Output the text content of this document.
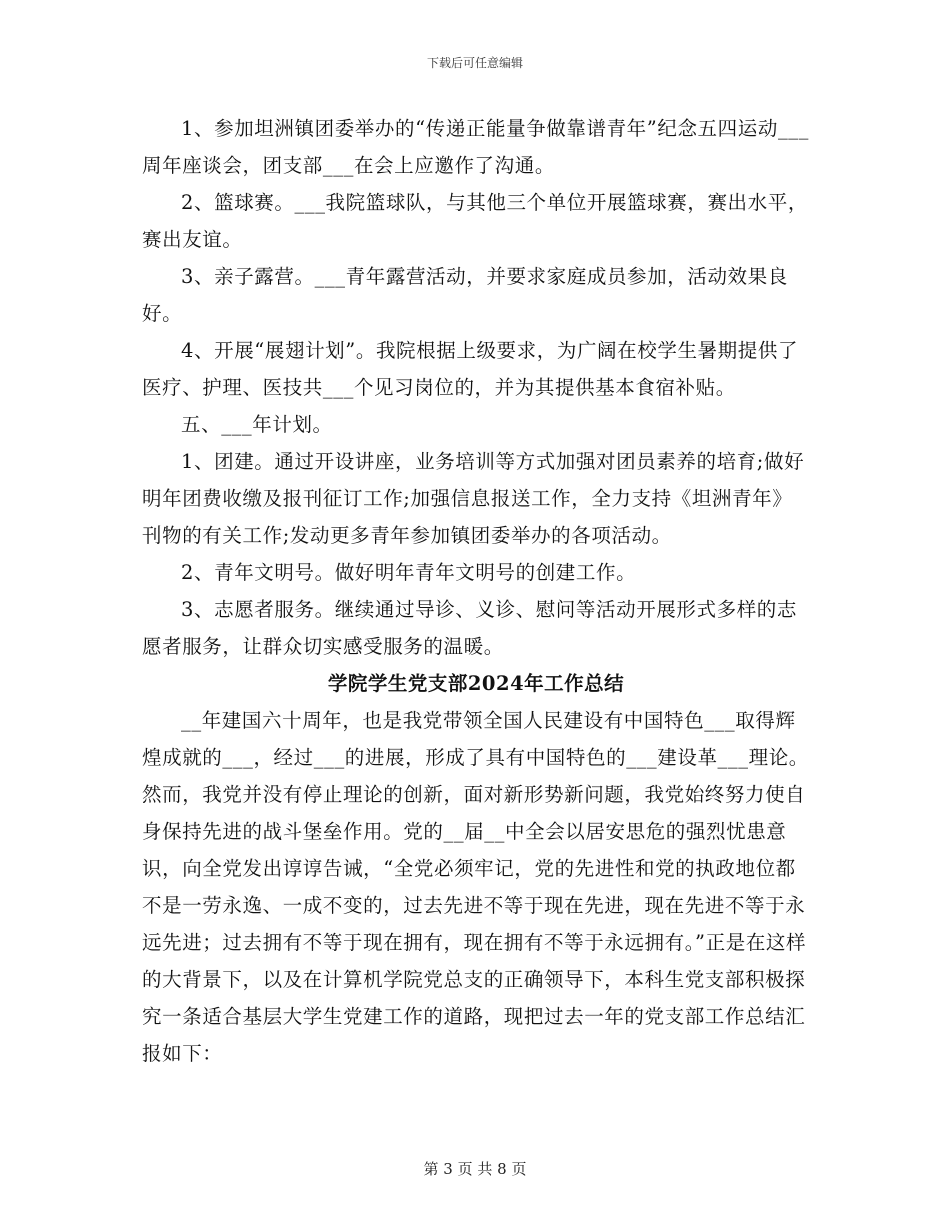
下载后可任意编辑

1、参加坦洲镇团委举办的“传递正能量争做靠谱青年”纪念五四运动___周年座谈会，团支部___在会上应邀作了沟通。

2、篮球赛。___我院篮球队，与其他三个单位开展篮球赛，赛出水平，赛出友谊。

3、亲子露营。___青年露营活动，并要求家庭成员参加，活动效果良好。

4、开展“展翅计划”。我院根据上级要求，为广阔在校学生暑期提供了医疗、护理、医技共___个见习岗位的，并为其提供基本食宿补贴。

五、___年计划。

1、团建。通过开设讲座，业务培训等方式加强对团员素养的培育;做好明年团费收缴及报刊征订工作;加强信息报送工作，全力支持《坦洲青年》刊物的有关工作;发动更多青年参加镇团委举办的各项活动。

2、青年文明号。做好明年青年文明号的创建工作。

3、志愿者服务。继续通过导诊、义诊、慰问等活动开展形式多样的志愿者服务，让群众切实感受服务的温暖。

学院学生党支部2024年工作总结

__年建国六十周年，也是我党带领全国人民建设有中国特色___取得辉煌成就的___，经过___的进展，形成了具有中国特色的___建设革___理论。然而，我党并没有停止理论的创新，面对新形势新问题，我党始终努力使自身保持先进的战斗堡垒作用。党的__届__中全会以居安思危的强烈忧患意识，向全党发出谆谆告诫，“全党必须牢记，党的先进性和党的执政地位都不是一劳永逸、一成不变的，过去先进不等于现在先进，现在先进不等于永远先进；过去拥有不等于现在拥有，现在拥有不等于永远拥有。”正是在这样的大背景下，以及在计算机学院党总支的正确领导下，本科生党支部积极探究一条适合基层大学生党建工作的道路，现把过去一年的党支部工作总结汇报如下：

第 3 页 共 8 页
